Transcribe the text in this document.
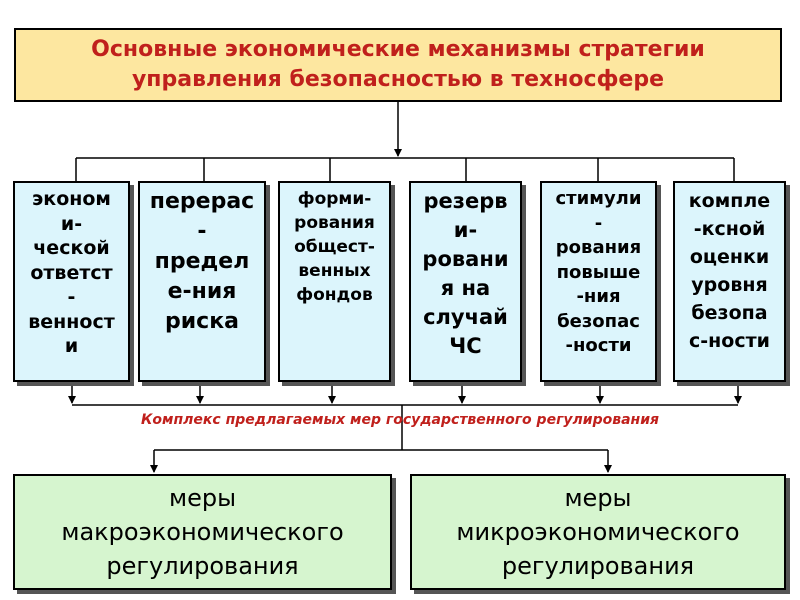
Основные экономические механизмы стратегии
управления безопасностью в техносфере
эконом
и-
ческой
ответст
-
венност
и
перерас
-
предел
е-ния
риска
форми-
рования
общест-
венных
фондов
резерв
и-
ровани
я на
случай
ЧС
стимули
-
рования
повыше
-ния
безопас
-ности
компле
-ксной
оценки
уровня
безопа
с-ности
Комплекс предлагаемых мер государственного регулирования
меры
макроэкономического
регулирования
меры
микроэкономического
регулирования
